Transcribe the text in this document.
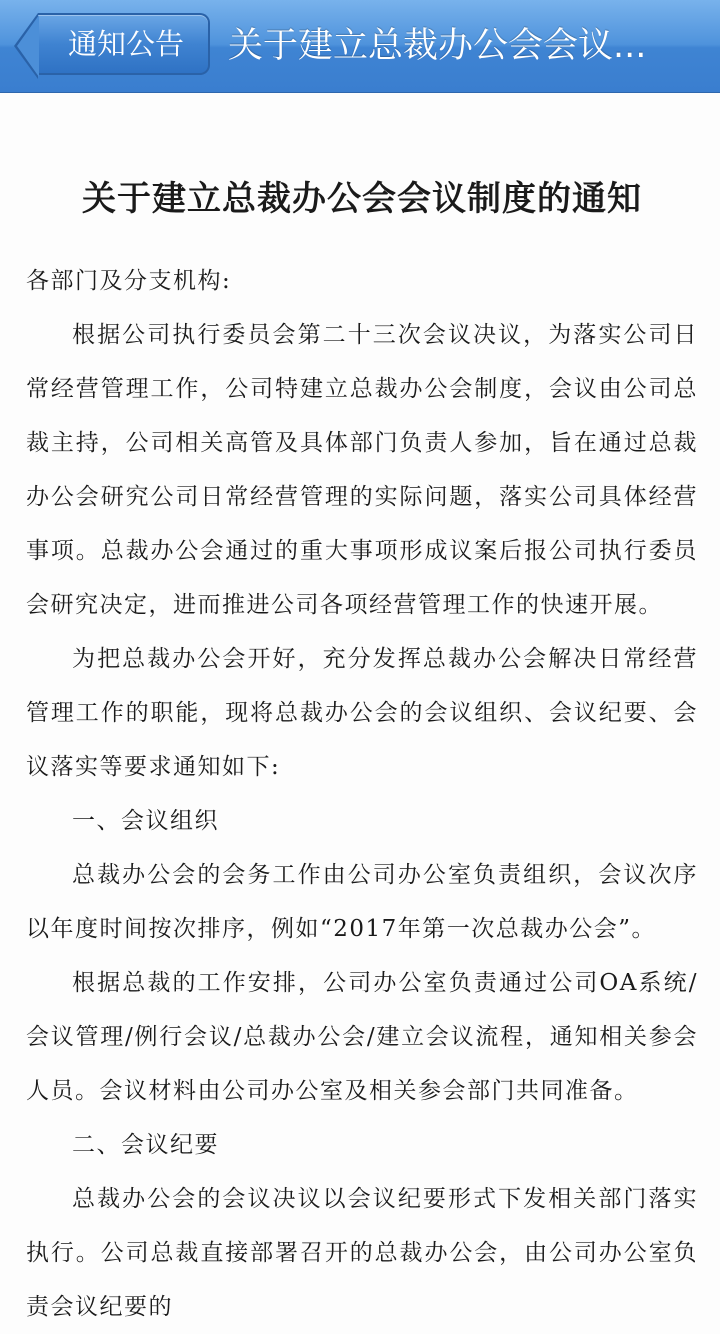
通知公告	关于建立总裁办公会会议...
关于建立总裁办公会会议制度的通知

各部门及分支机构:

根据公司执行委员会第二十三次会议决议，为落实公司日常经营管理工作，公司特建立总裁办公会制度，会议由公司总裁主持，公司相关高管及具体部门负责人参加，旨在通过总裁办公会研究公司日常经营管理的实际问题，落实公司具体经营事项。总裁办公会通过的重大事项形成议案后报公司执行委员会研究决定，进而推进公司各项经营管理工作的快速开展。

为把总裁办公会开好，充分发挥总裁办公会解决日常经营管理工作的职能，现将总裁办公会的会议组织、会议纪要、会议落实等要求通知如下:

一、会议组织

总裁办公会的会务工作由公司办公室负责组织，会议次序以年度时间按次排序，例如“2017年第一次总裁办公会”。

根据总裁的工作安排，公司办公室负责通过公司OA系统/会议管理/例行会议/总裁办公会/建立会议流程，通知相关参会人员。会议材料由公司办公室及相关参会部门共同准备。

二、会议纪要

总裁办公会的会议决议以会议纪要形式下发相关部门落实执行。公司总裁直接部署召开的总裁办公会，由公司办公室负责会议纪要的
